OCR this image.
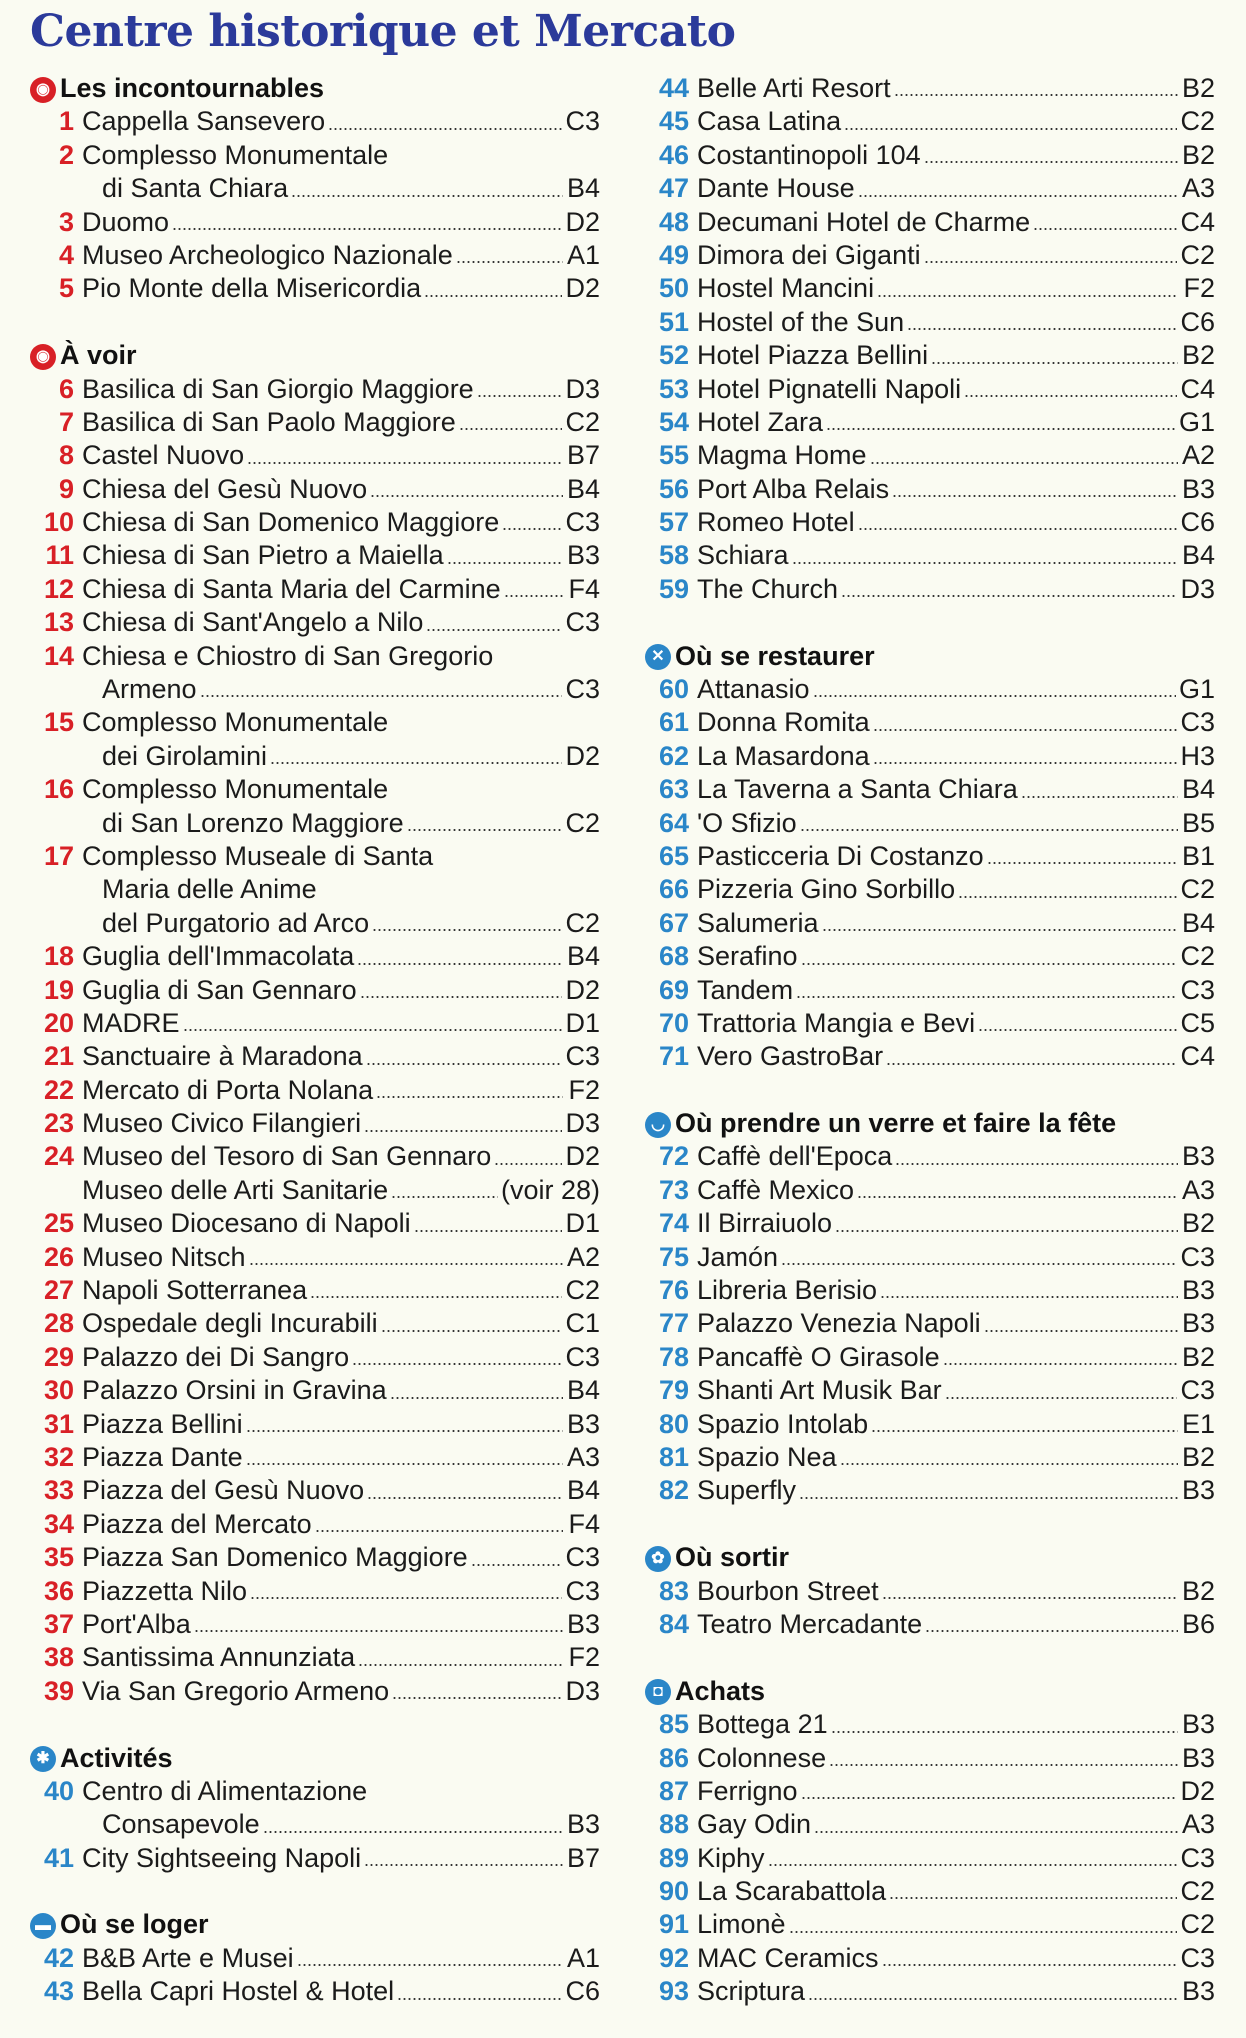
Centre historique et Mercato
◉ Les incontournables
1 Cappella Sansevero	C3
2 Complesso Monumentale
di Santa Chiara	B4
3 Duomo	D2
4 Museo Archeologico Nazionale	A1
5 Pio Monte della Misericordia	D2
◉ À voir
6 Basilica di San Giorgio Maggiore	D3
7 Basilica di San Paolo Maggiore	C2
8 Castel Nuovo	B7
9 Chiesa del Gesù Nuovo	B4
10 Chiesa di San Domenico Maggiore C3
11 Chiesa di San Pietro a Maiella	B3
12 Chiesa di Santa Maria del Carmine	F4
13 Chiesa di Sant'Angelo a Nilo	C3
14 Chiesa e Chiostro di San Gregorio
Armeno	C3
15 Complesso Monumentale
dei Girolamini	D2
16 Complesso Monumentale
di San Lorenzo Maggiore	C2
17 Complesso Museale di Santa
Maria delle Anime
del Purgatorio ad Arco	C2
18 Guglia dell'Immacolata	B4
19 Guglia di San Gennaro	D2
20 MADRE	D1
21 Sanctuaire à Maradona	C3
22 Mercato di Porta Nolana	F2
23 Museo Civico Filangieri	D3
24 Museo del Tesoro di San Gennaro	D2
Museo delle Arti Sanitarie	(voir 28)
25 Museo Diocesano di Napoli	D1
26 Museo Nitsch	A2
27 Napoli Sotterranea	C2
28 Ospedale degli Incurabili	C1
29 Palazzo dei Di Sangro	C3
30 Palazzo Orsini in Gravina	B4
31 Piazza Bellini	B3
32 Piazza Dante	A3
33 Piazza del Gesù Nuovo	B4
34 Piazza del Mercato	F4
35 Piazza San Domenico Maggiore	C3
36 Piazzetta Nilo	C3
37 Port'Alba	B3
38 Santissima Annunziata	F2
39 Via San Gregorio Armeno	D3
✱ Activités
40 Centro di Alimentazione
Consapevole	B3
41 City Sightseeing Napoli	B7
▬ Où se loger
42 B&B Arte e Musei	A1
43 Bella Capri Hostel & Hotel	C6
44 Belle Arti Resort	B2
45 Casa Latina	C2
46 Costantinopoli 104	B2
47 Dante House	A3
48 Decumani Hotel de Charme	C4
49 Dimora dei Giganti	C2
50 Hostel Mancini	F2
51 Hostel of the Sun	C6
52 Hotel Piazza Bellini	B2
53 Hotel Pignatelli Napoli	C4
54 Hotel Zara	G1
55 Magma Home	A2
56 Port Alba Relais	B3
57 Romeo Hotel	C6
58 Schiara	B4
59 The Church	D3
✕ Où se restaurer
60 Attanasio	G1
61 Donna Romita	C3
62 La Masardona	H3
63 La Taverna a Santa Chiara	B4
64 'O Sfizio	B5
65 Pasticceria Di Costanzo	B1
66 Pizzeria Gino Sorbillo	C2
67 Salumeria	B4
68 Serafino	C2
69 Tandem	C3
70 Trattoria Mangia e Bevi	C5
71 Vero GastroBar	C4
◡ Où prendre un verre et faire la fête
72 Caffè dell'Epoca	B3
73 Caffè Mexico	A3
74 Il Birraiuolo	B2
75 Jamón	C3
76 Libreria Berisio	B3
77 Palazzo Venezia Napoli	B3
78 Pancaffè O Girasole	B2
79 Shanti Art Musik Bar	C3
80 Spazio Intolab	E1
81 Spazio Nea	B2
82 Superfly	B3
✿ Où sortir
83 Bourbon Street	B2
84 Teatro Mercadante	B6
◘ Achats
85 Bottega 21	B3
86 Colonnese	B3
87 Ferrigno	D2
88 Gay Odin	A3
89 Kiphy	C3
90 La Scarabattola	C2
91 Limonè	C2
92 MAC Ceramics	C3
93 Scriptura	B3
